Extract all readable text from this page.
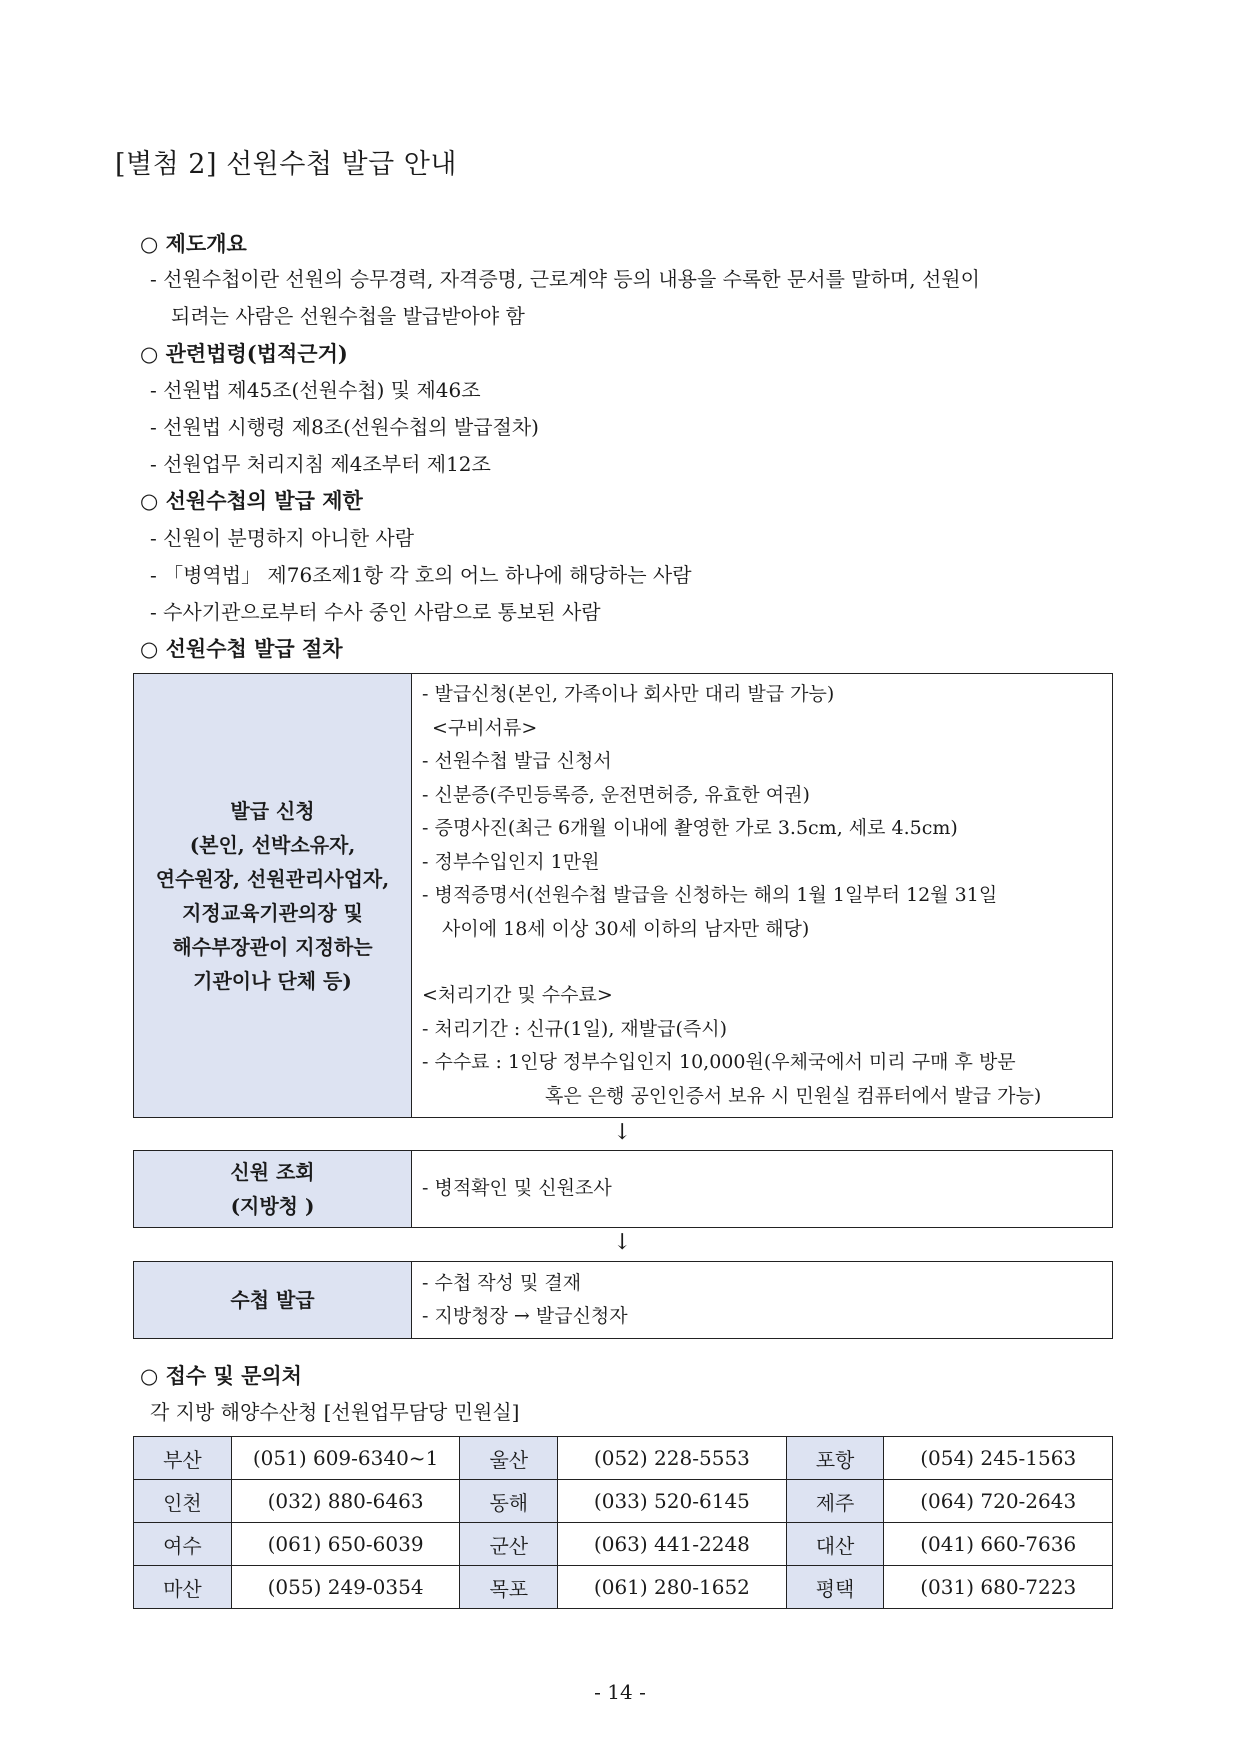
[별첨 2] 선원수첩 발급 안내

○ 제도개요

- 선원수첩이란 선원의 승무경력, 자격증명, 근로계약 등의 내용을 수록한 문서를 말하며, 선원이

되려는 사람은 선원수첩을 발급받아야 함

○ 관련법령(법적근거)

- 선원법 제45조(선원수첩) 및 제46조

- 선원법 시행령 제8조(선원수첩의 발급절차)

- 선원업무 처리지침 제4조부터 제12조

○ 선원수첩의 발급 제한

- 신원이 분명하지 아니한 사람

- 「병역법」 제76조제1항 각 호의 어느 하나에 해당하는 사람

- 수사기관으로부터 수사 중인 사람으로 통보된 사람

○ 선원수첩 발급 절차

발급 신청
(본인, 선박소유자,
연수원장, 선원관리사업자,
지정교육기관의장 및
해수부장관이 지정하는
기관이나 단체 등)

- 발급신청(본인, 가족이나 회사만 대리 발급 가능)

<구비서류>

- 선원수첩 발급 신청서

- 신분증(주민등록증, 운전면허증, 유효한 여권)

- 증명사진(최근 6개월 이내에 촬영한 가로 3.5cm, 세로 4.5cm)

- 정부수입인지 1만원

- 병적증명서(선원수첩 발급을 신청하는 해의 1월 1일부터 12월 31일

사이에 18세 이상 30세 이하의 남자만 해당)

<처리기간 및 수수료>

- 처리기간 : 신규(1일), 재발급(즉시)

- 수수료 : 1인당 정부수입인지 10,000원(우체국에서 미리 구매 후 방문

혹은 은행 공인인증서 보유 시 민원실 컴퓨터에서 발급 가능)

↓

신원 조회
(지방청 )

- 병적확인 및 신원조사

↓

수첩 발급

- 수첩 작성 및 결재

- 지방청장 → 발급신청자

○ 접수 및 문의처

각 지방 해양수산청 [선원업무담당 민원실]

부산	(051) 609-6340~1	울산	(052) 228-5553	포항	(054) 245-1563
인천	(032) 880-6463	동해	(033) 520-6145	제주	(064) 720-2643
여수	(061) 650-6039	군산	(063) 441-2248	대산	(041) 660-7636
마산	(055) 249-0354	목포	(061) 280-1652	평택	(031) 680-7223

- 14 -
